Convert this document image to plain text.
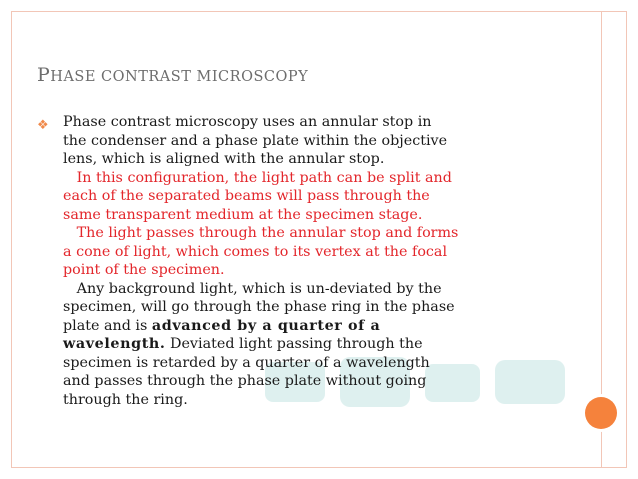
PHASE CONTRAST MICROSCOPY
❖ Phase contrast microscopy uses an annular stop in

the condenser and a phase plate within the objective

lens, which is aligned with the annular stop.

In this configuration, the light path can be split and

each of the separated beams will pass through the

same transparent medium at the specimen stage.

The light passes through the annular stop and forms

a cone of light, which comes to its vertex at the focal

point of the specimen.

Any background light, which is un-deviated by the

specimen, will go through the phase ring in the phase

plate and is advanced by a quarter of a

wavelength. Deviated light passing through the

specimen is retarded by a quarter of a wavelength

and passes through the phase plate without going

through the ring.
